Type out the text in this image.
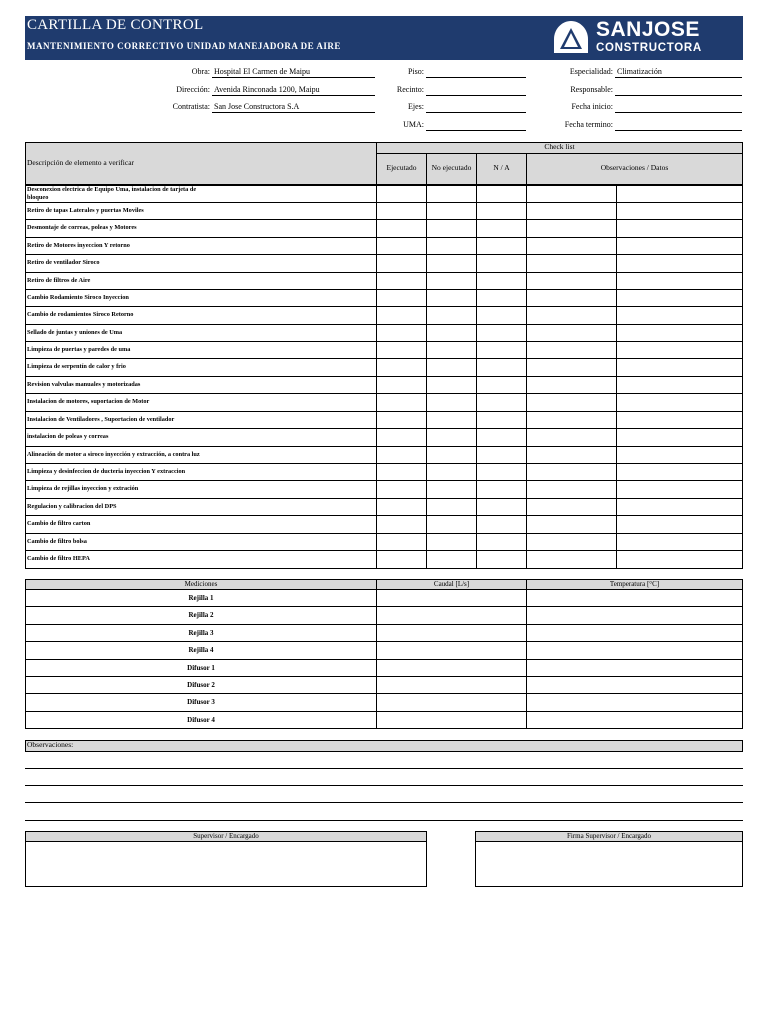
CARTILLA DE CONTROL
MANTENIMIENTO CORRECTIVO UNIDAD MANEJADORA DE AIRE
SANJOSE
CONSTRUCTORA
Obra: Hospital El Carmen de Maipu
Dirección: Avenida Rinconada 1200, Maipu
Contratista: San Jose Constructora S.A
Piso:
Recinto:
Ejes:
UMA:
Especialidad: Climatización
Responsable:
Fecha inicio:
Fecha termino:
Descripción de elemento a verificar
Check list
Ejecutado	No ejecutado	N / A	Observaciones / Datos
Desconexion electrica de Equipo Uma, instalacion de tarjeta de bloqueo
Retiro de tapas Laterales y puertas Moviles
Desmontaje de correas, poleas y Motores
Retiro de Motores inyeccion Y retorno
Retiro de ventilador Siroco
Retiro de filtros de Aire
Cambio Rodamiento Siroco Inyeccion
Cambio de rodamientos Siroco Retorno
Sellado de juntas y uniones de Uma
Limpieza de puertas y paredes de uma
Limpieza de serpentín de calor y frio
Revision valvulas manuales y motorizadas
Instalacion de motores, suportacion de Motor
Instalacion de Ventiladores , Suportacion de ventilador
instalacion de poleas y correas
Alineación de motor a siroco inyección y extracción, a contra luz
Limpieza y desinfeccion de ducteria inyeccion Y extraccion
Limpieza de rejillas inyeccion y extración
Regulacion y calibracion del DPS
Cambio de filtro carton
Cambio de filtro bolsa
Cambio de filtro HEPA
Mediciones	Caudal [L/s]	Temperatura [°C]
Rejilla 1
Rejilla 2
Rejilla 3
Rejilla 4
Difusor 1
Difusor 2
Difusor 3
Difusor 4
Observaciones:
Supervisor / Encargado	Firma Supervisor / Encargado
